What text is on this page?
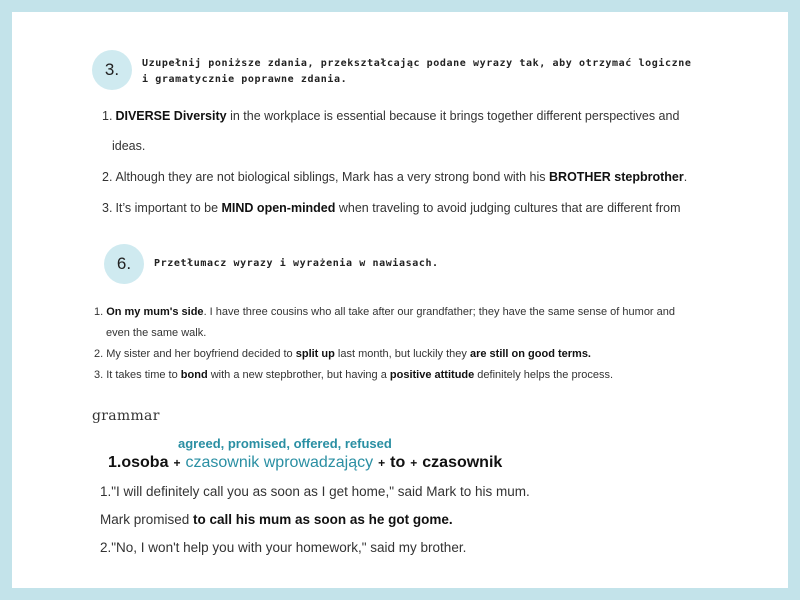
3. Uzupełnij poniższe zdania, przekształcając podane wyrazy tak, aby otrzymać logiczne
i gramatycznie poprawne zdania.
1. DIVERSE Diversity in the workplace is essential because it brings together different perspectives and
ideas.
2. Although they are not biological siblings, Mark has a very strong bond with his BROTHER stepbrother.
3. It’s important to be MIND open-minded when traveling to avoid judging cultures that are different from
6. Przetłumacz wyrazy i wyrażenia w nawiasach.
1. On my mum's side. I have three cousins who all take after our grandfather; they have the same sense of humor and
even the same walk.
2. My sister and her boyfriend decided to split up last month, but luckily they are still on good terms.
3. It takes time to bond with a new stepbrother, but having a positive attitude definitely helps the process.
grammar
agreed, promised, offered, refused
1.osoba + czasownik wprowadzający + to + czasownik
1."I will definitely call you as soon as I get home," said Mark to his mum.
Mark promised to call his mum as soon as he got gome.
2."No, I won't help you with your homework," said my brother.
